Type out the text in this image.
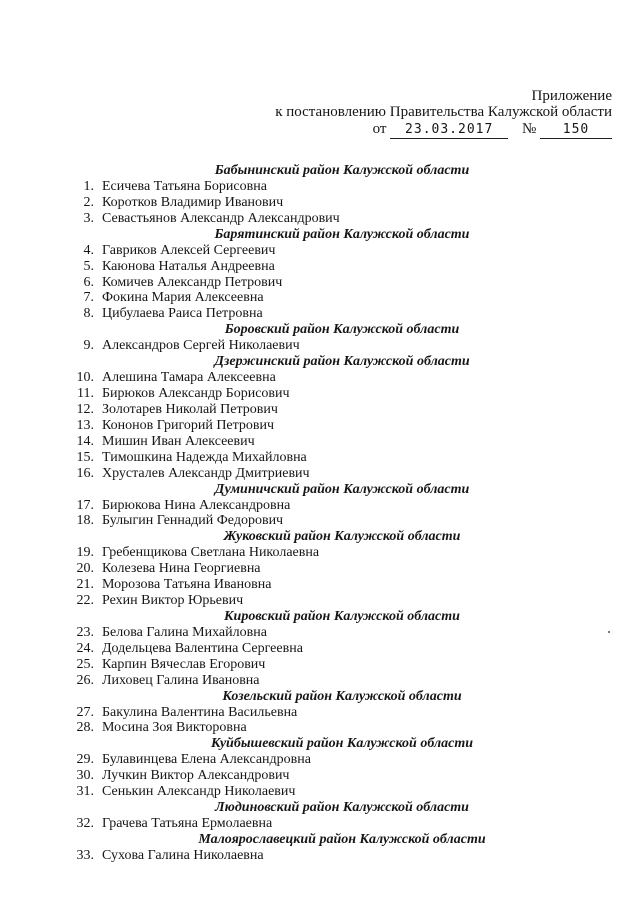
Приложение
к постановлению Правительства Калужской области
от 23.03.2017 № 150
Бабынинский район Калужской области
1. Есичева Татьяна Борисовна
2. Коротков Владимир Иванович
3. Севастьянов Александр Александрович
Барятинский район Калужской области
4. Гавриков Алексей Сергеевич
5. Каюнова Наталья Андреевна
6. Комичев Александр Петрович
7. Фокина Мария Алексеевна
8. Цибулаева Раиса Петровна
Боровский район Калужской области
9. Александров Сергей Николаевич
Дзержинский район Калужской области
10. Алешина Тамара Алексеевна
11. Бирюков Александр Борисович
12. Золотарев Николай Петрович
13. Кононов Григорий Петрович
14. Мишин Иван Алексеевич
15. Тимошкина Надежда Михайловна
16. Хрусталев Александр Дмитриевич
Думиничский район Калужской области
17. Бирюкова Нина Александровна
18. Булыгин Геннадий Федорович
Жуковский район Калужской области
19. Гребенщикова Светлана Николаевна
20. Колезева Нина Георгиевна
21. Морозова Татьяна Ивановна
22. Рехин Виктор Юрьевич
Кировский район Калужской области
23. Белова Галина Михайловна
24. Додельцева Валентина Сергеевна
25. Карпин Вячеслав Егорович
26. Лиховец Галина Ивановна
Козельский район Калужской области
27. Бакулина Валентина Васильевна
28. Мосина Зоя Викторовна
Куйбышевский район Калужской области
29. Булавинцева Елена Александровна
30. Лучкин Виктор Александрович
31. Сенькин Александр Николаевич
Людиновский район Калужской области
32. Грачева Татьяна Ермолаевна
Малоярославецкий район Калужской области
33. Сухова Галина Николаевна
